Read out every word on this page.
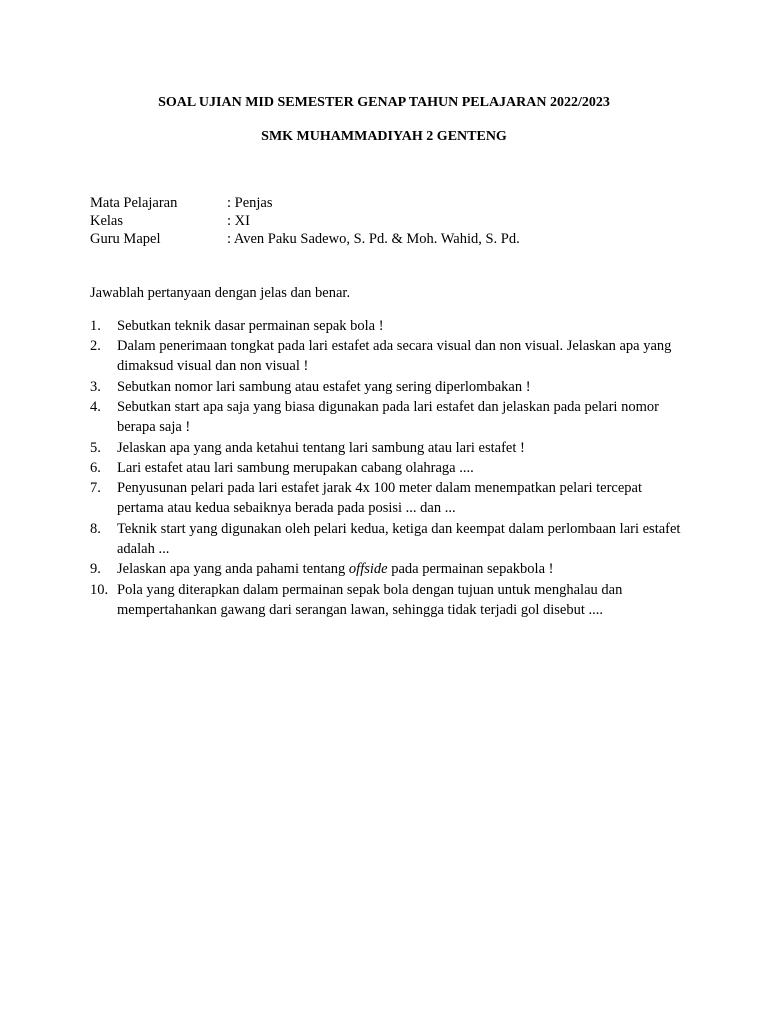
SOAL UJIAN MID SEMESTER GENAP TAHUN PELAJARAN 2022/2023

SMK MUHAMMADIYAH 2 GENTENG

Mata Pelajaran	: Penjas
Kelas	: XI
Guru Mapel	: Aven Paku Sadewo, S. Pd. & Moh. Wahid, S. Pd.
Jawablah pertanyaan dengan jelas dan benar.
1.	Sebutkan teknik dasar permainan sepak bola !
2.	Dalam penerimaan tongkat pada lari estafet ada secara visual dan non visual. Jelaskan apa yang dimaksud visual dan non visual !
3.	Sebutkan nomor lari sambung atau estafet yang sering diperlombakan !
4.	Sebutkan start apa saja yang biasa digunakan pada lari estafet dan jelaskan pada pelari nomor berapa saja !
5.	Jelaskan apa yang anda ketahui tentang lari sambung atau lari estafet !
6.	Lari estafet atau lari sambung merupakan cabang olahraga ....
7.	Penyusunan pelari pada lari estafet jarak 4x 100 meter dalam menempatkan pelari tercepat pertama atau kedua sebaiknya berada pada posisi ... dan ...
8.	Teknik start yang digunakan oleh pelari kedua, ketiga dan keempat dalam perlombaan lari estafet adalah ...
9.	Jelaskan apa yang anda pahami tentang offside pada permainan sepakbola !
10. Pola yang diterapkan dalam permainan sepak bola dengan tujuan untuk menghalau dan mempertahankan gawang dari serangan lawan, sehingga tidak terjadi gol disebut ....
